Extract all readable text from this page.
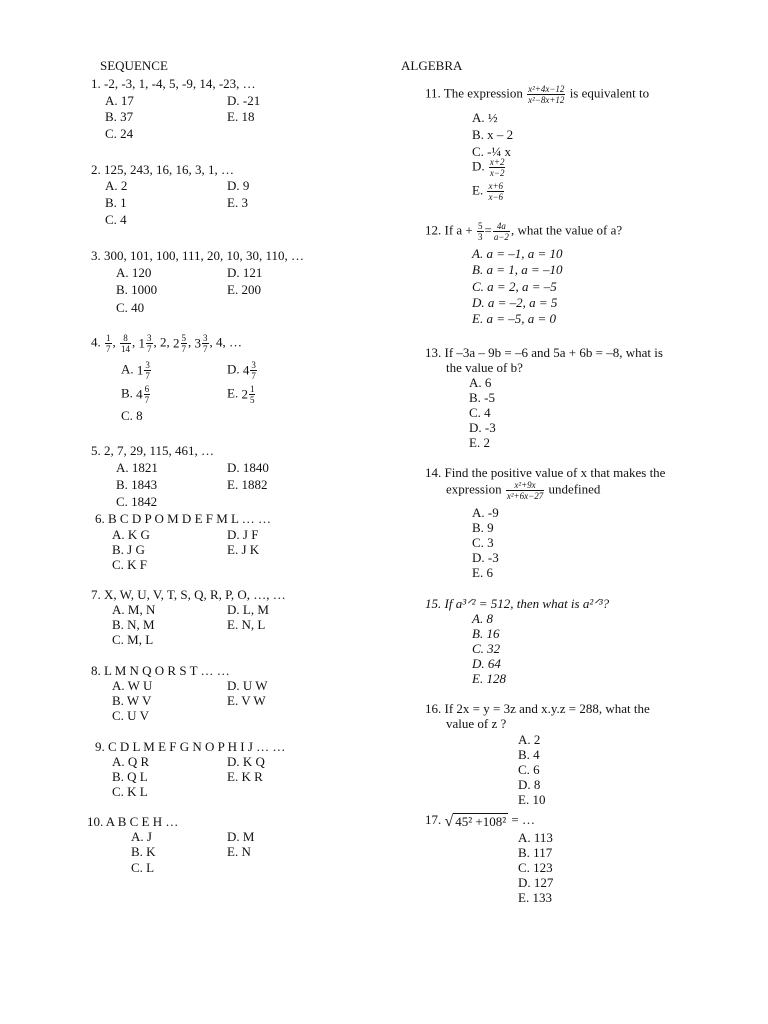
SEQUENCE	ALGEBRA
1. -2, -3, 1, -4, 5, -9, 14, -23, …
A. 17
B. 37
C. 24
D. -21
E. 18
2. 125, 243, 16, 16, 3, 1, …
A. 2
B. 1
C. 4
D. 9
E. 3
3. 300, 101, 100, 111, 20, 10, 30, 110, …
A. 120
B. 1000
C. 40
D. 121
E. 200
4. $\frac{1}{7}$ , $\frac{8}{14}$ , $1 \frac{3}{7}$ , 2, $2 \frac{5}{7}$ , $3 \frac{3}{7}$ , 4, …
A. $1 \frac{3}{7}$
B. $4 \frac{6}{7}$
C. 8
D. $4 \frac{3}{7}$
E. $2 \frac{1}{5}$
5. 2, 7, 29, 115, 461, …
A. 1821
B. 1843
C. 1842
D. 1840
E. 1882
6. B C D P O M D E F M L … …
A. K G
B. J G
C. K F
D. J F
E. J K
7. X, W, U, V, T, S, Q, R, P, O, …, …
A. M, N
B. N, M
C. M, L
D. L, M
E. N, L
8. L M N Q O R S T … …
A. W U
B. W V
C. U V
D. U W
E. V W
9. C D L M E F G N O P H I J … …
A. Q R
B. Q L
C. K L
D. K Q
E. K R
10. A B C E H …
A. J
B. K
C. L
D. M
E. N
11. The expression $\frac{\text{x²+4x−12}}{\text{x²−8x+12}}$ is equivalent to
A. ½
B. x – 2
C. -¼ x
D. $\frac{x+2}{x-2}$
E. $\frac{x+6}{x-6}$
12. If $a + \frac{5}{3} = \frac{4a}{a-2}$ , what the value of a?
A. a = –1, a = 10
B. a = 1, a = –10
C. a = 2, a = –5
D. a = –2, a = 5
E. a = –5, a = 0
13. If –3a – 9b = –6 and 5a + 6b = –8, what is
the value of b?
A. 6
B. -5
C. 4
D. -3
E. 2
14. Find the positive value of x that makes the
expression $\frac{\text{x²+9x}}{\text{x²+6x−27}}$ undefined
A. -9
B. 9
C. 3
D. -3
E. 6
15. If a³ᐟ² = 512, then what is a²ᐟ³?
A. 8
B. 16
C. 32
D. 64
E. 128
16. If 2x = y = 3z and x.y.z = 288, what the
value of z ?
A. 2
B. 4
C. 6
D. 8
E. 10
17. √ 45² +108² = …
A. 113
B. 117
C. 123
D. 127
E. 133
